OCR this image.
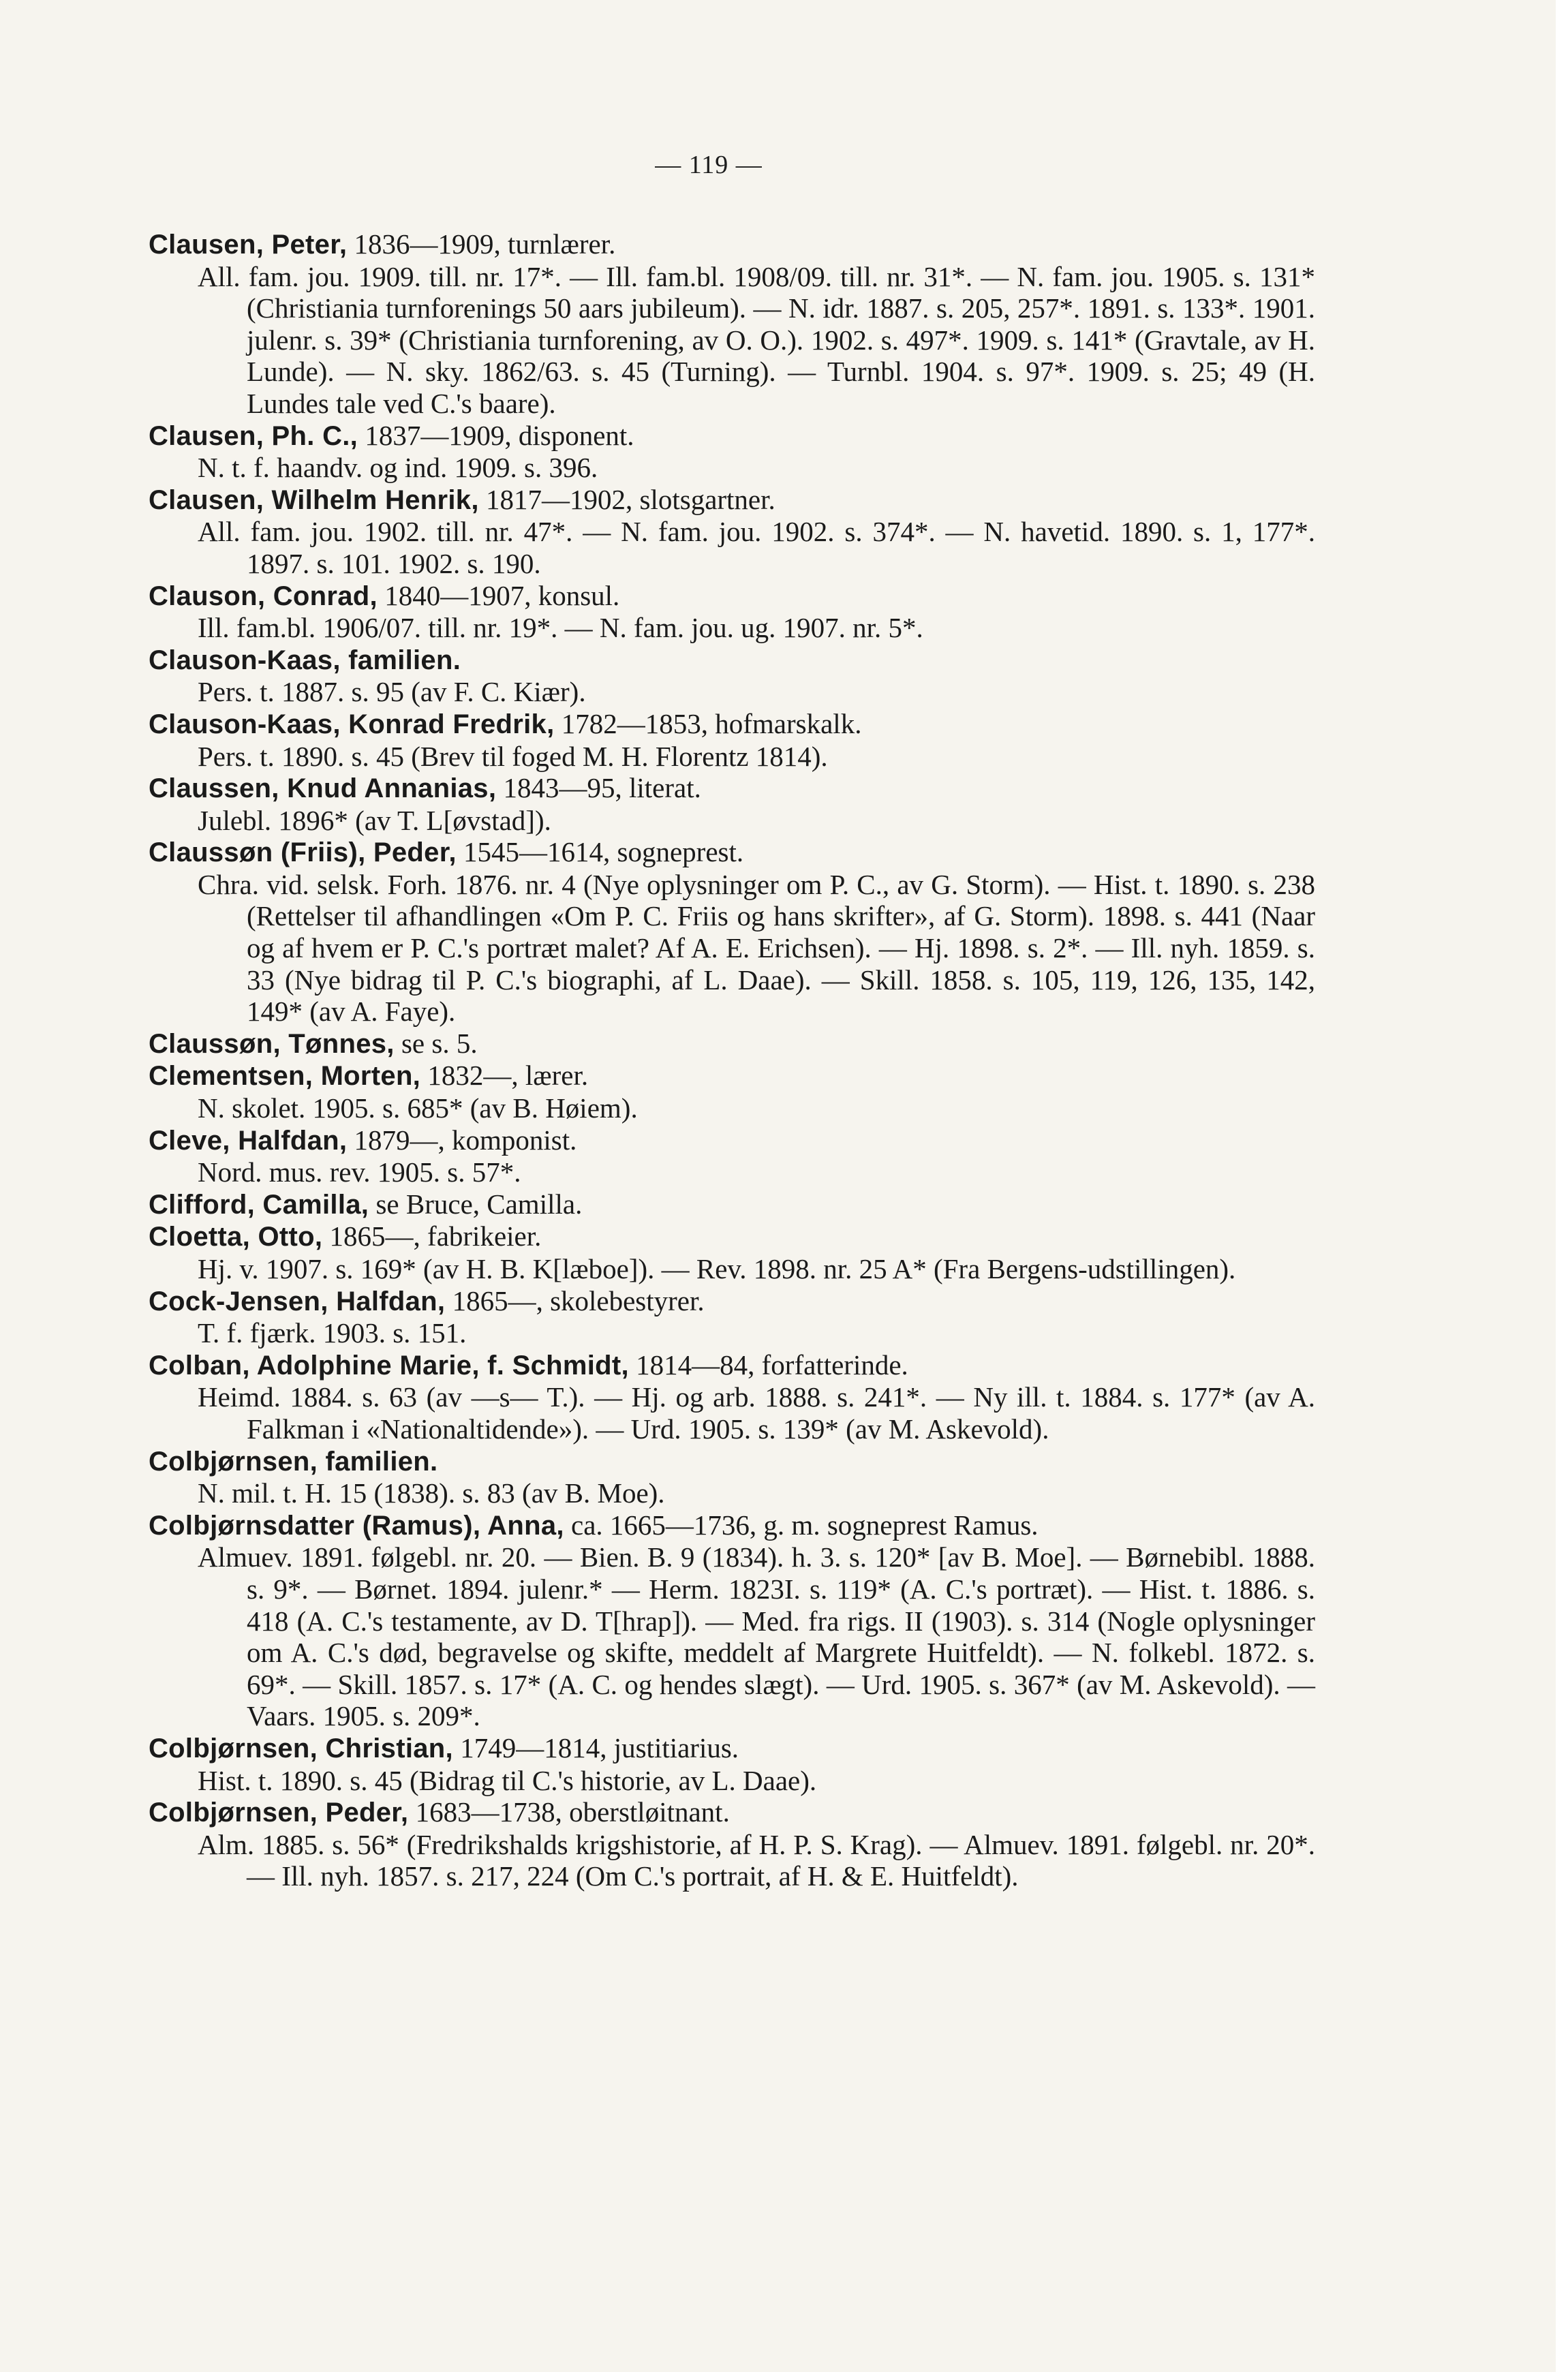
— 119 —
Clausen, Peter, 1836—1909, turnlærer.
All. fam. jou. 1909. till. nr. 17*. — Ill. fam.bl. 1908/09. till. nr. 31*. — N. fam. jou. 1905. s. 131* (Christiania turnforenings 50 aars jubileum). — N. idr. 1887. s. 205, 257*. 1891. s. 133*. 1901. julenr. s. 39* (Christiania turnforening, av O. O.). 1902. s. 497*. 1909. s. 141* (Gravtale, av H. Lunde). — N. sky. 1862/63. s. 45 (Turning). — Turnbl. 1904. s. 97*. 1909. s. 25; 49 (H. Lundes tale ved C.'s baare).
Clausen, Ph. C., 1837—1909, disponent.
N. t. f. haandv. og ind. 1909. s. 396.
Clausen, Wilhelm Henrik, 1817—1902, slotsgartner.
All. fam. jou. 1902. till. nr. 47*. — N. fam. jou. 1902. s. 374*. — N. havetid. 1890. s. 1, 177*. 1897. s. 101. 1902. s. 190.
Clauson, Conrad, 1840—1907, konsul.
Ill. fam.bl. 1906/07. till. nr. 19*. — N. fam. jou. ug. 1907. nr. 5*.
Clauson-Kaas, familien.
Pers. t. 1887. s. 95 (av F. C. Kiær).
Clauson-Kaas, Konrad Fredrik, 1782—1853, hofmarskalk.
Pers. t. 1890. s. 45 (Brev til foged M. H. Florentz 1814).
Claussen, Knud Annanias, 1843—95, literat.
Julebl. 1896* (av T. L[øvstad]).
Claussøn (Friis), Peder, 1545—1614, sogneprest.
Chra. vid. selsk. Forh. 1876. nr. 4 (Nye oplysninger om P. C., av G. Storm). — Hist. t. 1890. s. 238 (Rettelser til afhandlingen «Om P. C. Friis og hans skrifter», af G. Storm). 1898. s. 441 (Naar og af hvem er P. C.'s portræt malet? Af A. E. Erichsen). — Hj. 1898. s. 2*. — Ill. nyh. 1859. s. 33 (Nye bidrag til P. C.'s biographi, af L. Daae). — Skill. 1858. s. 105, 119, 126, 135, 142, 149* (av A. Faye).
Claussøn, Tønnes, se s. 5.
Clementsen, Morten, 1832—, lærer.
N. skolet. 1905. s. 685* (av B. Høiem).
Cleve, Halfdan, 1879—, komponist.
Nord. mus. rev. 1905. s. 57*.
Clifford, Camilla, se Bruce, Camilla.
Cloetta, Otto, 1865—, fabrikeier.
Hj. v. 1907. s. 169* (av H. B. K[læboe]). — Rev. 1898. nr. 25 A* (Fra Bergens-udstillingen).
Cock-Jensen, Halfdan, 1865—, skolebestyrer.
T. f. fjærk. 1903. s. 151.
Colban, Adolphine Marie, f. Schmidt, 1814—84, forfatterinde.
Heimd. 1884. s. 63 (av —s— T.). — Hj. og arb. 1888. s. 241*. — Ny ill. t. 1884. s. 177* (av A. Falkman i «Nationaltidende»). — Urd. 1905. s. 139* (av M. Askevold).
Colbjørnsen, familien.
N. mil. t. H. 15 (1838). s. 83 (av B. Moe).
Colbjørnsdatter (Ramus), Anna, ca. 1665—1736, g. m. sogneprest Ramus.
Almuev. 1891. følgebl. nr. 20. — Bien. B. 9 (1834). h. 3. s. 120* [av B. Moe]. — Børnebibl. 1888. s. 9*. — Børnet. 1894. julenr.* — Herm. 1823I. s. 119* (A. C.'s portræt). — Hist. t. 1886. s. 418 (A. C.'s testamente, av D. T[hrap]). — Med. fra rigs. II (1903). s. 314 (Nogle oplysninger om A. C.'s død, begravelse og skifte, meddelt af Margrete Huitfeldt). — N. folkebl. 1872. s. 69*. — Skill. 1857. s. 17* (A. C. og hendes slægt). — Urd. 1905. s. 367* (av M. Askevold). — Vaars. 1905. s. 209*.
Colbjørnsen, Christian, 1749—1814, justitiarius.
Hist. t. 1890. s. 45 (Bidrag til C.'s historie, av L. Daae).
Colbjørnsen, Peder, 1683—1738, oberstløitnant.
Alm. 1885. s. 56* (Fredrikshalds krigshistorie, af H. P. S. Krag). — Almuev. 1891. følgebl. nr. 20*. — Ill. nyh. 1857. s. 217, 224 (Om C.'s portrait, af H. & E. Huitfeldt).
